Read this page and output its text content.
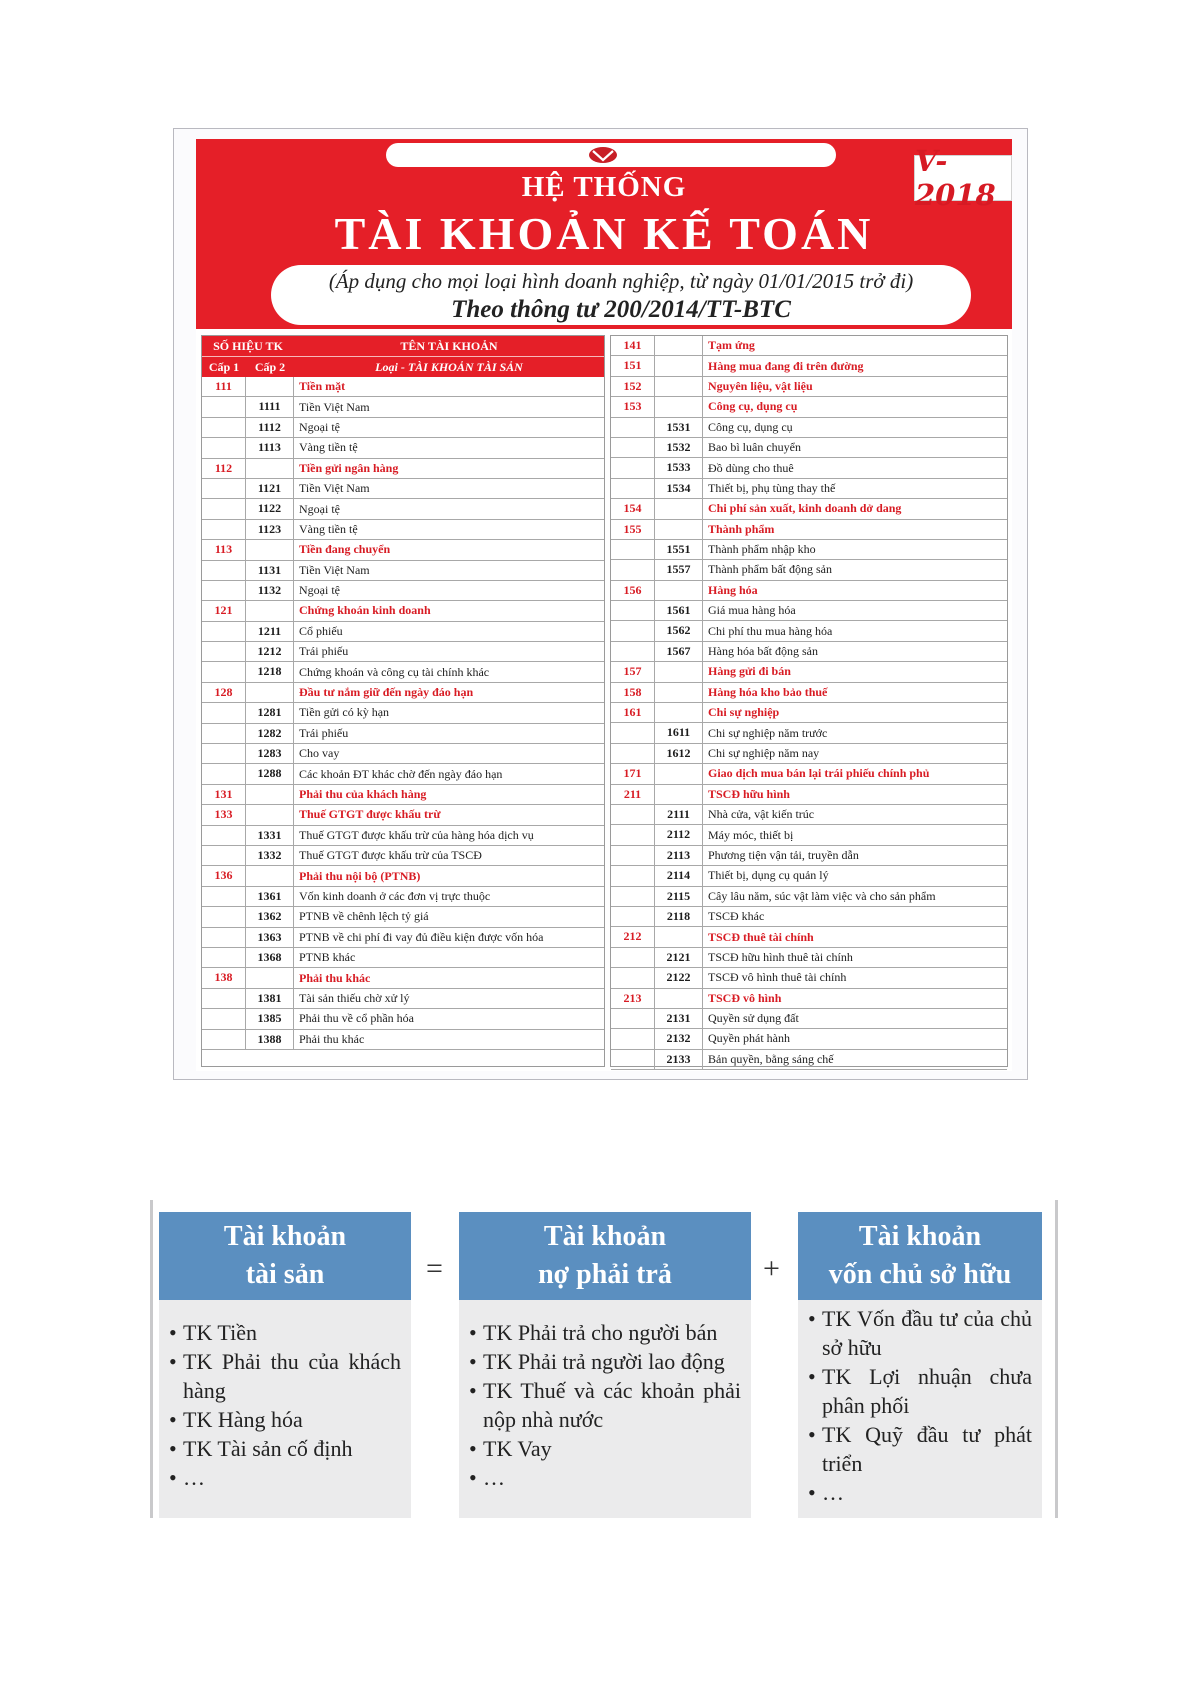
V- 2018
HỆ THỐNG
TÀI KHOẢN KẾ TOÁN
(Áp dụng cho mọi loại hình doanh nghiệp, từ ngày 01/01/2015 trở đi)
Theo thông tư 200/2014/TT-BTC
SỐ HIỆU TK	TÊN TÀI KHOẢN
Cấp 1	Cấp 2	Loại - TÀI KHOẢN TÀI SẢN
111	Tiền mặt
1111	Tiền Việt Nam
1112	Ngoại tệ
1113	Vàng tiền tệ
112	Tiền gửi ngân hàng
1121	Tiền Việt Nam
1122	Ngoại tệ
1123	Vàng tiền tệ
113	Tiền đang chuyển
1131	Tiền Việt Nam
1132	Ngoại tệ
121	Chứng khoán kinh doanh
1211	Cổ phiếu
1212	Trái phiếu
1218	Chứng khoán và công cụ tài chính khác
128	Đầu tư nắm giữ đến ngày đáo hạn
1281	Tiền gửi có kỳ hạn
1282	Trái phiếu
1283	Cho vay
1288	Các khoản ĐT khác chờ đến ngày đáo hạn
131	Phải thu của khách hàng
133	Thuế GTGT được khấu trừ
1331	Thuế GTGT được khấu trừ của hàng hóa dịch vụ
1332	Thuế GTGT được khấu trừ của TSCĐ
136	Phải thu nội bộ (PTNB)
1361	Vốn kinh doanh ở các đơn vị trực thuộc
1362	PTNB về chênh lệch tỷ giá
1363	PTNB về chi phí đi vay đủ điều kiện được vốn hóa
1368	PTNB khác
138	Phải thu khác
1381	Tài sản thiếu chờ xử lý
1385	Phải thu về cổ phần hóa
1388	Phải thu khác
141	Tạm ứng
151	Hàng mua đang đi trên đường
152	Nguyên liệu, vật liệu
153	Công cụ, dụng cụ
1531	Công cụ, dụng cụ
1532	Bao bì luân chuyển
1533	Đồ dùng cho thuê
1534	Thiết bị, phụ tùng thay thế
154	Chi phí sản xuất, kinh doanh dở dang
155	Thành phẩm
1551	Thành phẩm nhập kho
1557	Thành phẩm bất động sản
156	Hàng hóa
1561	Giá mua hàng hóa
1562	Chi phí thu mua hàng hóa
1567	Hàng hóa bất động sản
157	Hàng gửi đi bán
158	Hàng hóa kho bảo thuế
161	Chi sự nghiệp
1611	Chi sự nghiệp năm trước
1612	Chi sự nghiệp năm nay
171	Giao dịch mua bán lại trái phiếu chính phủ
211	TSCĐ hữu hình
2111	Nhà cửa, vật kiến trúc
2112	Máy móc, thiết bị
2113	Phương tiện vận tải, truyền dẫn
2114	Thiết bị, dụng cụ quản lý
2115	Cây lâu năm, súc vật làm việc và cho sản phẩm
2118	TSCĐ khác
212	TSCĐ thuê tài chính
2121	TSCĐ hữu hình thuê tài chính
2122	TSCĐ vô hình thuê tài chính
213	TSCĐ vô hình
2131	Quyền sử dụng đất
2132	Quyền phát hành
2133	Bản quyền, bằng sáng chế
Tài khoản
tài sản
• TK Tiền
• TK Phải thu của khách hàng
• TK Hàng hóa
• TK Tài sản cố định
• …
=
Tài khoản
nợ phải trả
• TK Phải trả cho người bán
• TK Phải trả người lao động
• TK Thuế và các khoản phải nộp nhà nước
• TK Vay
• …
+
Tài khoản
vốn chủ sở hữu
• TK Vốn đầu tư của chủ sở hữu
• TK Lợi nhuận chưa phân phối
• TK Quỹ đầu tư phát triển
• …
